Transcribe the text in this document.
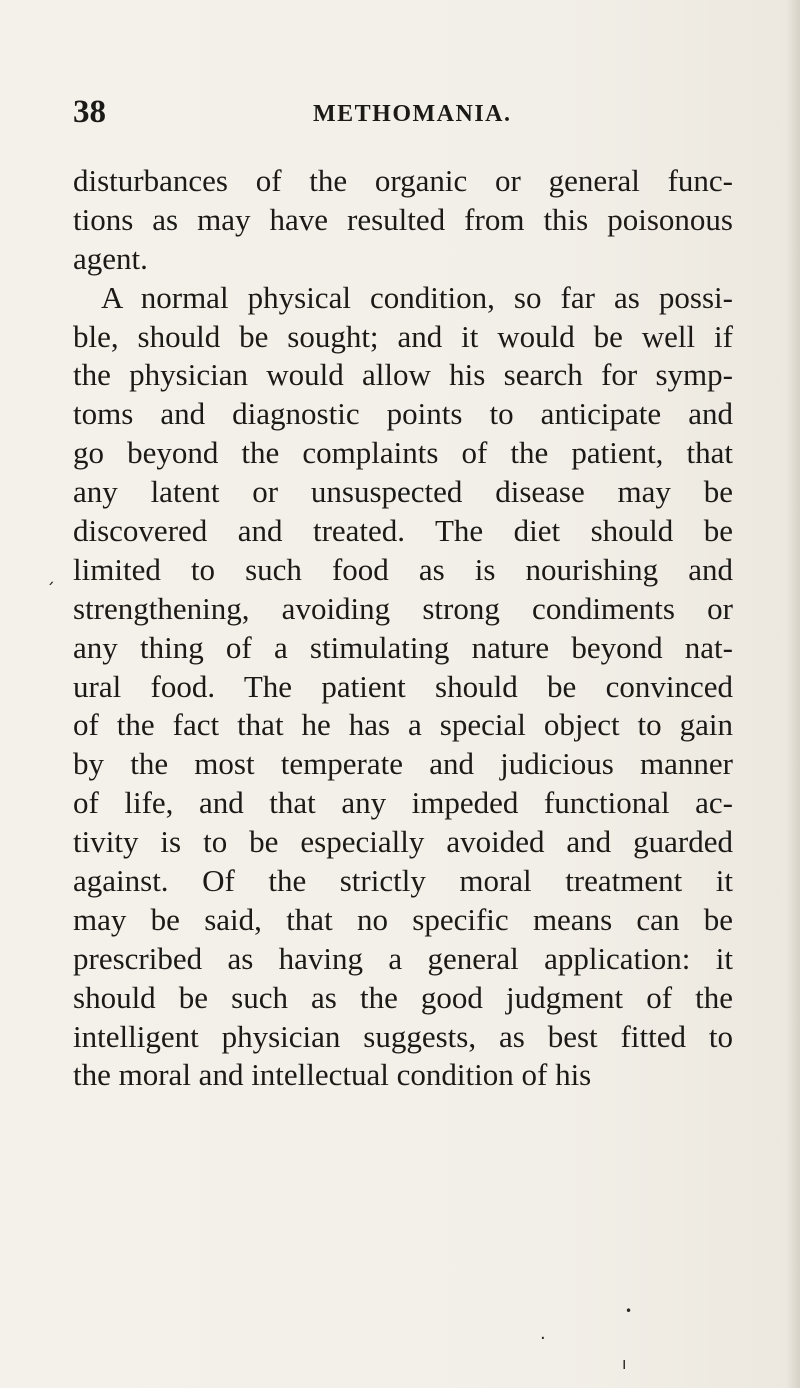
38	METHOMANIA.
disturbances of the organic or general func-
tions as may have resulted from this poisonous
agent.
A normal physical condition, so far as possi-
ble, should be sought; and it would be well if
the physician would allow his search for symp-
toms and diagnostic points to anticipate and
go beyond the complaints of the patient, that
any latent or unsuspected disease may be
discovered and treated. The diet should be
limited to such food as is nourishing and
strengthening, avoiding strong condiments or
any thing of a stimulating nature beyond nat-
ural food. The patient should be convinced
of the fact that he has a special object to gain
by the most temperate and judicious manner
of life, and that any impeded functional ac-
tivity is to be especially avoided and guarded
against. Of the strictly moral treatment it
may be said, that no specific means can be
prescribed as having a general application: it
should be such as the good judgment of the
intelligent physician suggests, as best fitted to
the moral and intellectual condition of his
ˏ
.
•
ı
